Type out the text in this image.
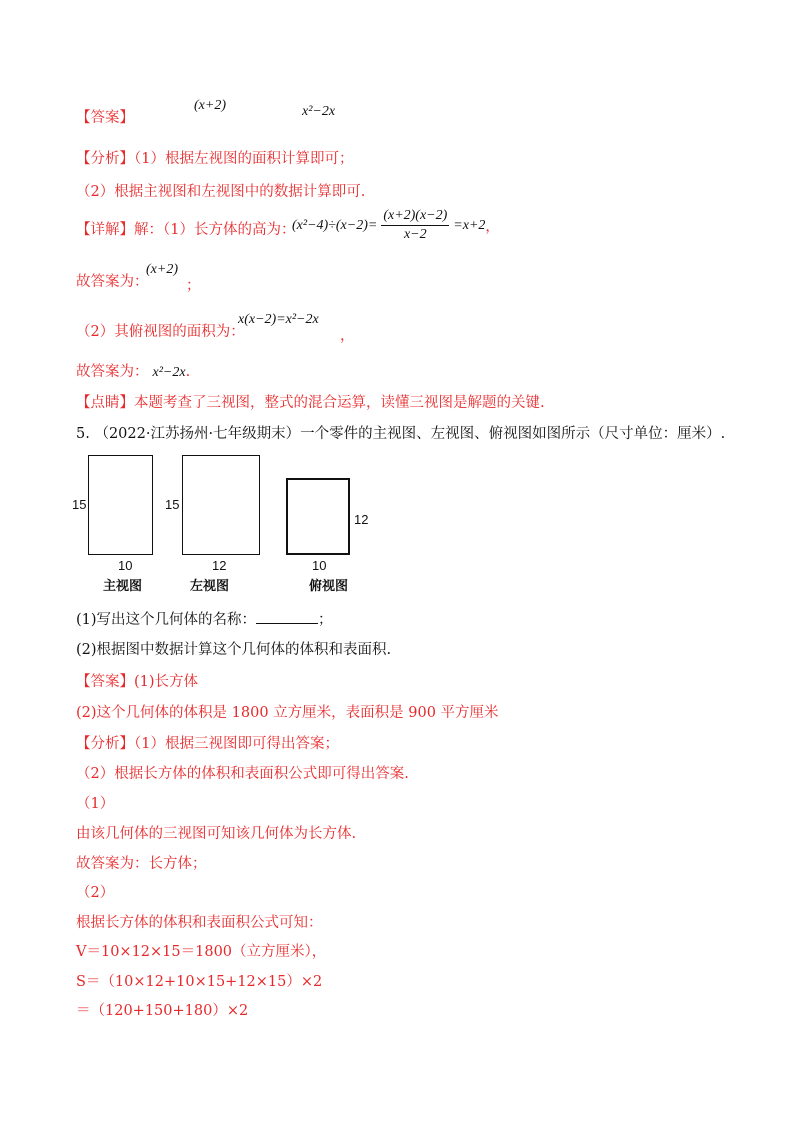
【答案】
(x+2)	x²−2x
【分析】（1）根据左视图的面积计算即可；
（2）根据主视图和左视图中的数据计算即可.
【详解】解：（1）长方体的高为：
$(x^2-4)\div(x-2)= \frac{(x+2)(x-2)}{x-2} =x+2$ ，
故答案为：
(x+2)
；
（2）其俯视图的面积为：
x(x−2)=x²−2x
，
故答案为： x²−2x.
【点睛】本题考查了三视图，整式的混合运算，读懂三视图是解题的关键.
5. （2022·江苏扬州·七年级期末）一个零件的主视图、左视图、俯视图如图所示（尺寸单位：厘米）.
15
10
主视图
15
12
左视图
12
10
俯视图
(1)写出这个几何体的名称：	；
(2)根据图中数据计算这个几何体的体积和表面积.
【答案】(1)长方体
(2)这个几何体的体积是 1800 立方厘米，表面积是 900 平方厘米
【分析】（1）根据三视图即可得出答案；
（2）根据长方体的体积和表面积公式即可得出答案.
（1）
由该几何体的三视图可知该几何体为长方体.
故答案为：长方体；
（2）
根据长方体的体积和表面积公式可知：
V＝10×12×15＝1800（立方厘米），
S＝（10×12+10×15+12×15）×2
＝（120+150+180）×2
